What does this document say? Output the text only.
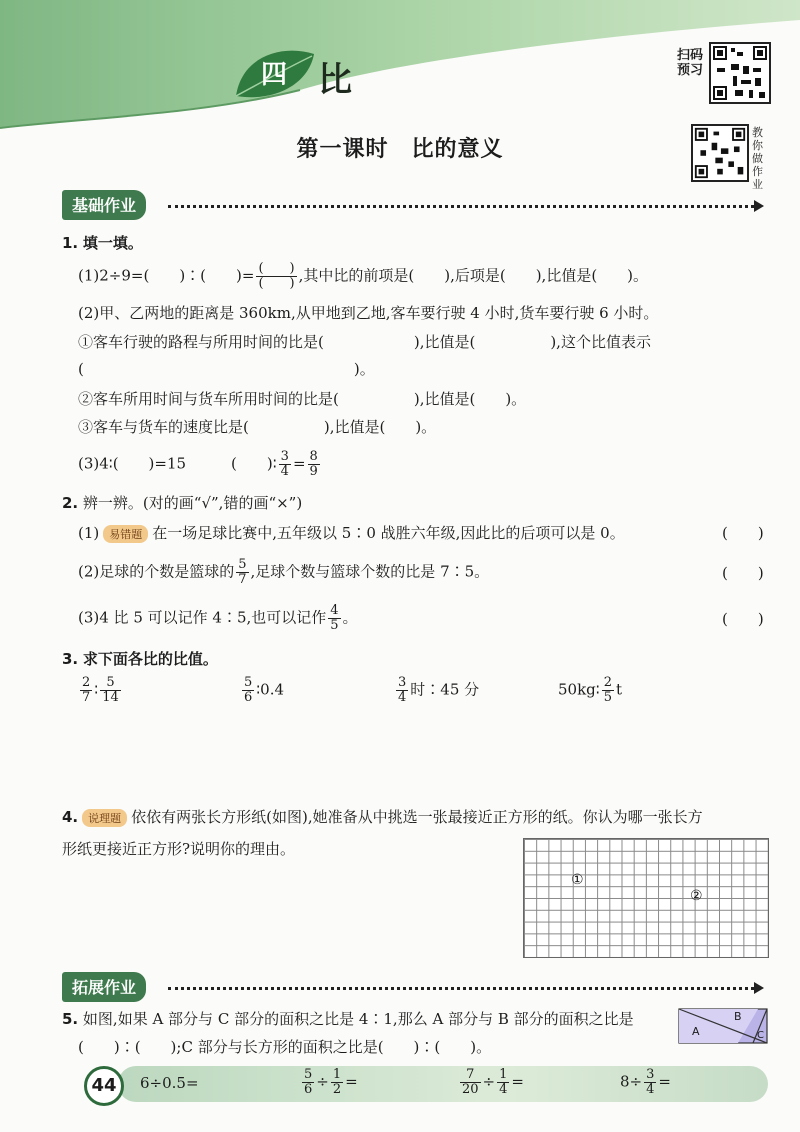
四 比
扫码
预习
第一课时　比的意义
教你做作业
基础作业
1. 填一填。
(1)2÷9=(　　)∶(　　)= $\frac{( )}{( )}$ ,其中比的前项是(　　),后项是(　　),比值是(　　)。
(2)甲、乙两地的距离是 360km,从甲地到乙地,客车要行驶 4 小时,货车要行驶 6 小时。
①客车行驶的路程与所用时间的比是(　　　　　　),比值是(　　　　　),这个比值表示
(　　　　　　　　　　　　　　　　　　)。
②客车所用时间与货车所用时间的比是(　　　　　),比值是(　　)。
③客车与货车的速度比是(　　　　　),比值是(　　)。
(3)4∶(　　)=15　　　(　　)∶ $\frac{3}{4} = \frac{8}{9}$
2. 辨一辨。(对的画“√”,错的画“×”)
(1) 易错题 在一场足球比赛中,五年级以 5∶0 战胜六年级,因此比的后项可以是 0。	(　　)
(2)足球的个数是篮球的 $\frac{5}{7}$ ,足球个数与篮球个数的比是 7∶5。	(　　)
(3)4 比 5 可以记作 4∶5,也可以记作 $\frac{4}{5}$ 。	(　　)
3. 求下面各比的比值。
$\frac{2}{7}$ ∶ $\frac{5}{14}$	$\frac{5}{6}$ ∶0.4	$\frac{3}{4}$ 时∶45 分	50kg∶ $\frac{2}{5}$ t
4. 说理题 依依有两张长方形纸(如图),她准备从中挑选一张最接近正方形的纸。你认为哪一张长方
形纸更接近正方形?说明你的理由。
①
②
拓展作业
5. 如图,如果 A 部分与 C 部分的面积之比是 4∶1,那么 A 部分与 B 部分的面积之比是
(　　)∶(　　);C 部分与长方形的面积之比是(　　)∶(　　)。
A
B
C
44	6÷0.5=	$\frac{5}{6} \div \frac{1}{2}$ =	$\frac{7}{20} \div \frac{1}{4}$ =	$8\div \frac{3}{4}$ =
